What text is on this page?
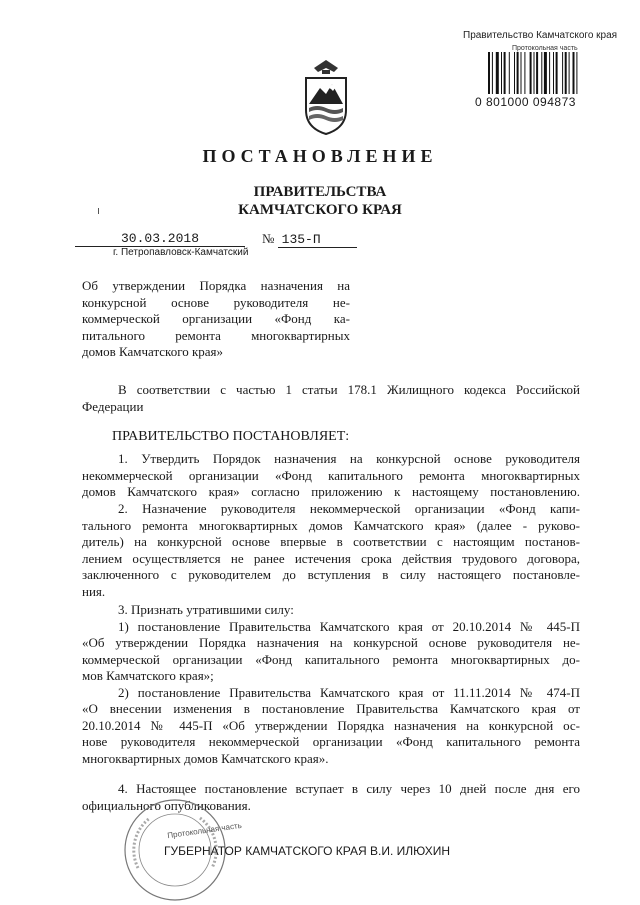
Правительство Камчатского края
Протокольная часть
0 801000 094873
ПОСТАНОВЛЕНИЕ
ПРАВИТЕЛЬСТВА
КАМЧАТСКОГО КРАЯ
30.03.2018	№ 135-П
г. Петропавловск-Камчатский
Об утверждении Порядка назначения на
конкурсной основе руководителя не-
коммерческой организации «Фонд ка-
питального ремонта многоквартирных
домов Камчатского края»
В соответствии с частью 1 статьи 178.1 Жилищного кодекса Российской
Федерации
ПРАВИТЕЛЬСТВО ПОСТАНОВЛЯЕТ:
1. Утвердить Порядок назначения на конкурсной основе руководителя
некоммерческой организации «Фонд капитального ремонта многоквартирных
домов Камчатского края» согласно приложению к настоящему постановлению.
2. Назначение руководителя некоммерческой организации «Фонд капи-
тального ремонта многоквартирных домов Камчатского края» (далее - руково-
дитель) на конкурсной основе впервые в соответствии с настоящим постанов-
лением осуществляется не ранее истечения срока действия трудового договора,
заключенного с руководителем до вступления в силу настоящего постановле-
ния.
3. Признать утратившими силу:
1) постановление Правительства Камчатского края от 20.10.2014 № 445-П
«Об утверждении Порядка назначения на конкурсной основе руководителя не-
коммерческой организации «Фонд капитального ремонта многоквартирных до-
мов Камчатского края»;
2) постановление Правительства Камчатского края от 11.11.2014 № 474-П
«О внесении изменения в постановление Правительства Камчатского края от
20.10.2014 № 445-П «Об утверждении Порядка назначения на конкурсной ос-
нове руководителя некоммерческой организации «Фонд капитального ремонта
многоквартирных домов Камчатского края».
4. Настоящее постановление вступает в силу через 10 дней после дня его
официального опубликования.
Протокольная часть
ГУБЕРНАТОР КАМЧАТСКОГО КРАЯ В.И. ИЛЮХИН
